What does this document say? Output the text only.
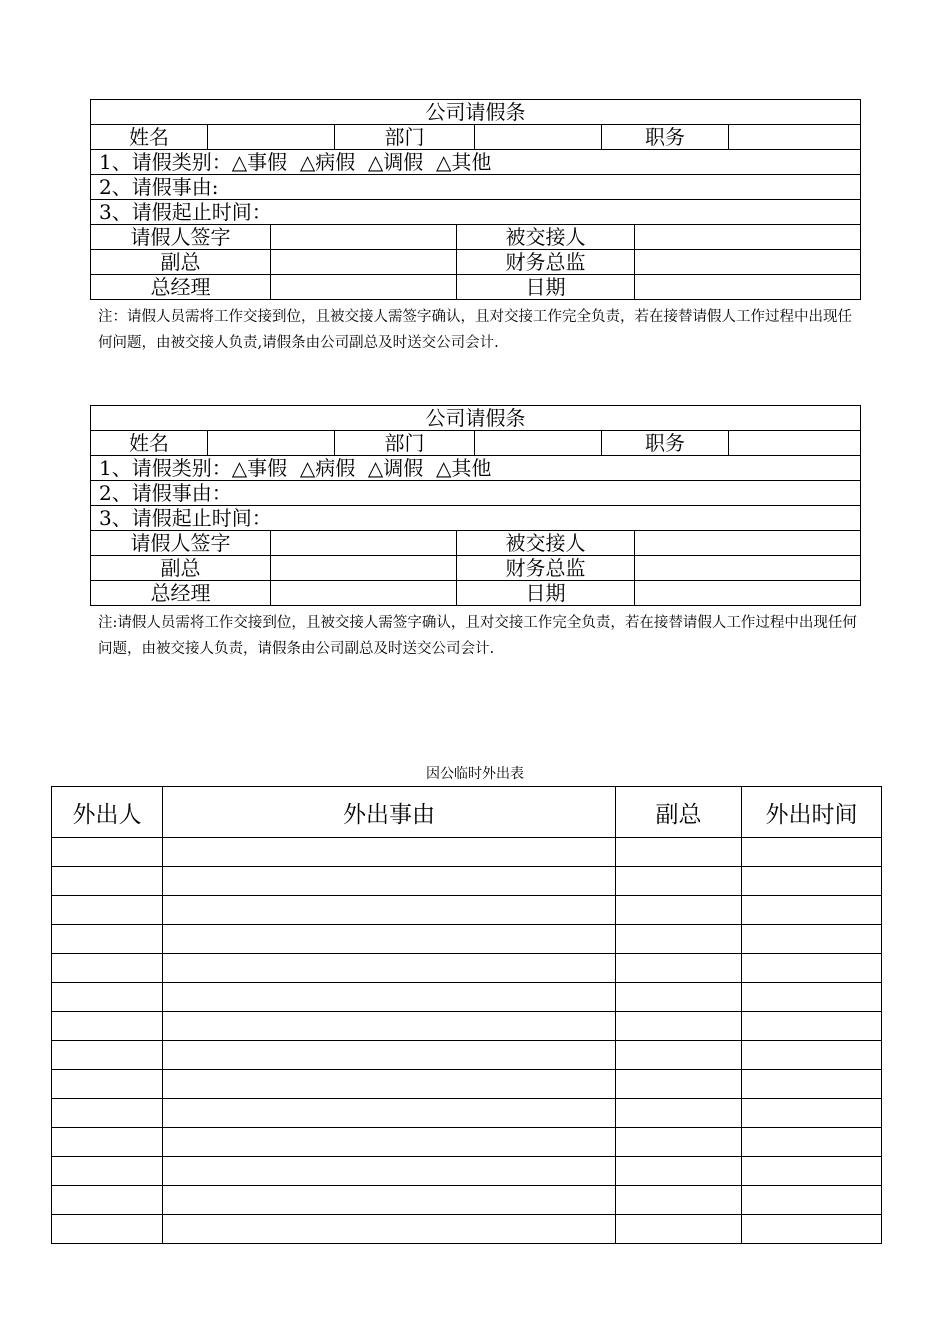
公司请假条
姓名		部门		职务	
1、请假类别：△事假  △病假  △调假  △其他
2、请假事由:
3、请假起止时间：
请假人签字		被交接人	
副总		财务总监	
总经理		日期	
注：请假人员需将工作交接到位，且被交接人需签字确认，且对交接工作完全负责，若在接替请假人工作过程中出现任何问题，由被交接人负责,请假条由公司副总及时送交公司会计.
公司请假条
姓名		部门		职务	
1、请假类别：△事假  △病假  △调假  △其他
2、请假事由：
3、请假起止时间：
请假人签字		被交接人	
副总		财务总监	
总经理		日期	
注:请假人员需将工作交接到位，且被交接人需签字确认，且对交接工作完全负责，若在接替请假人工作过程中出现任何问题，由被交接人负责，请假条由公司副总及时送交公司会计.
因公临时外出表
外出人	外出事由	副总	外出时间
